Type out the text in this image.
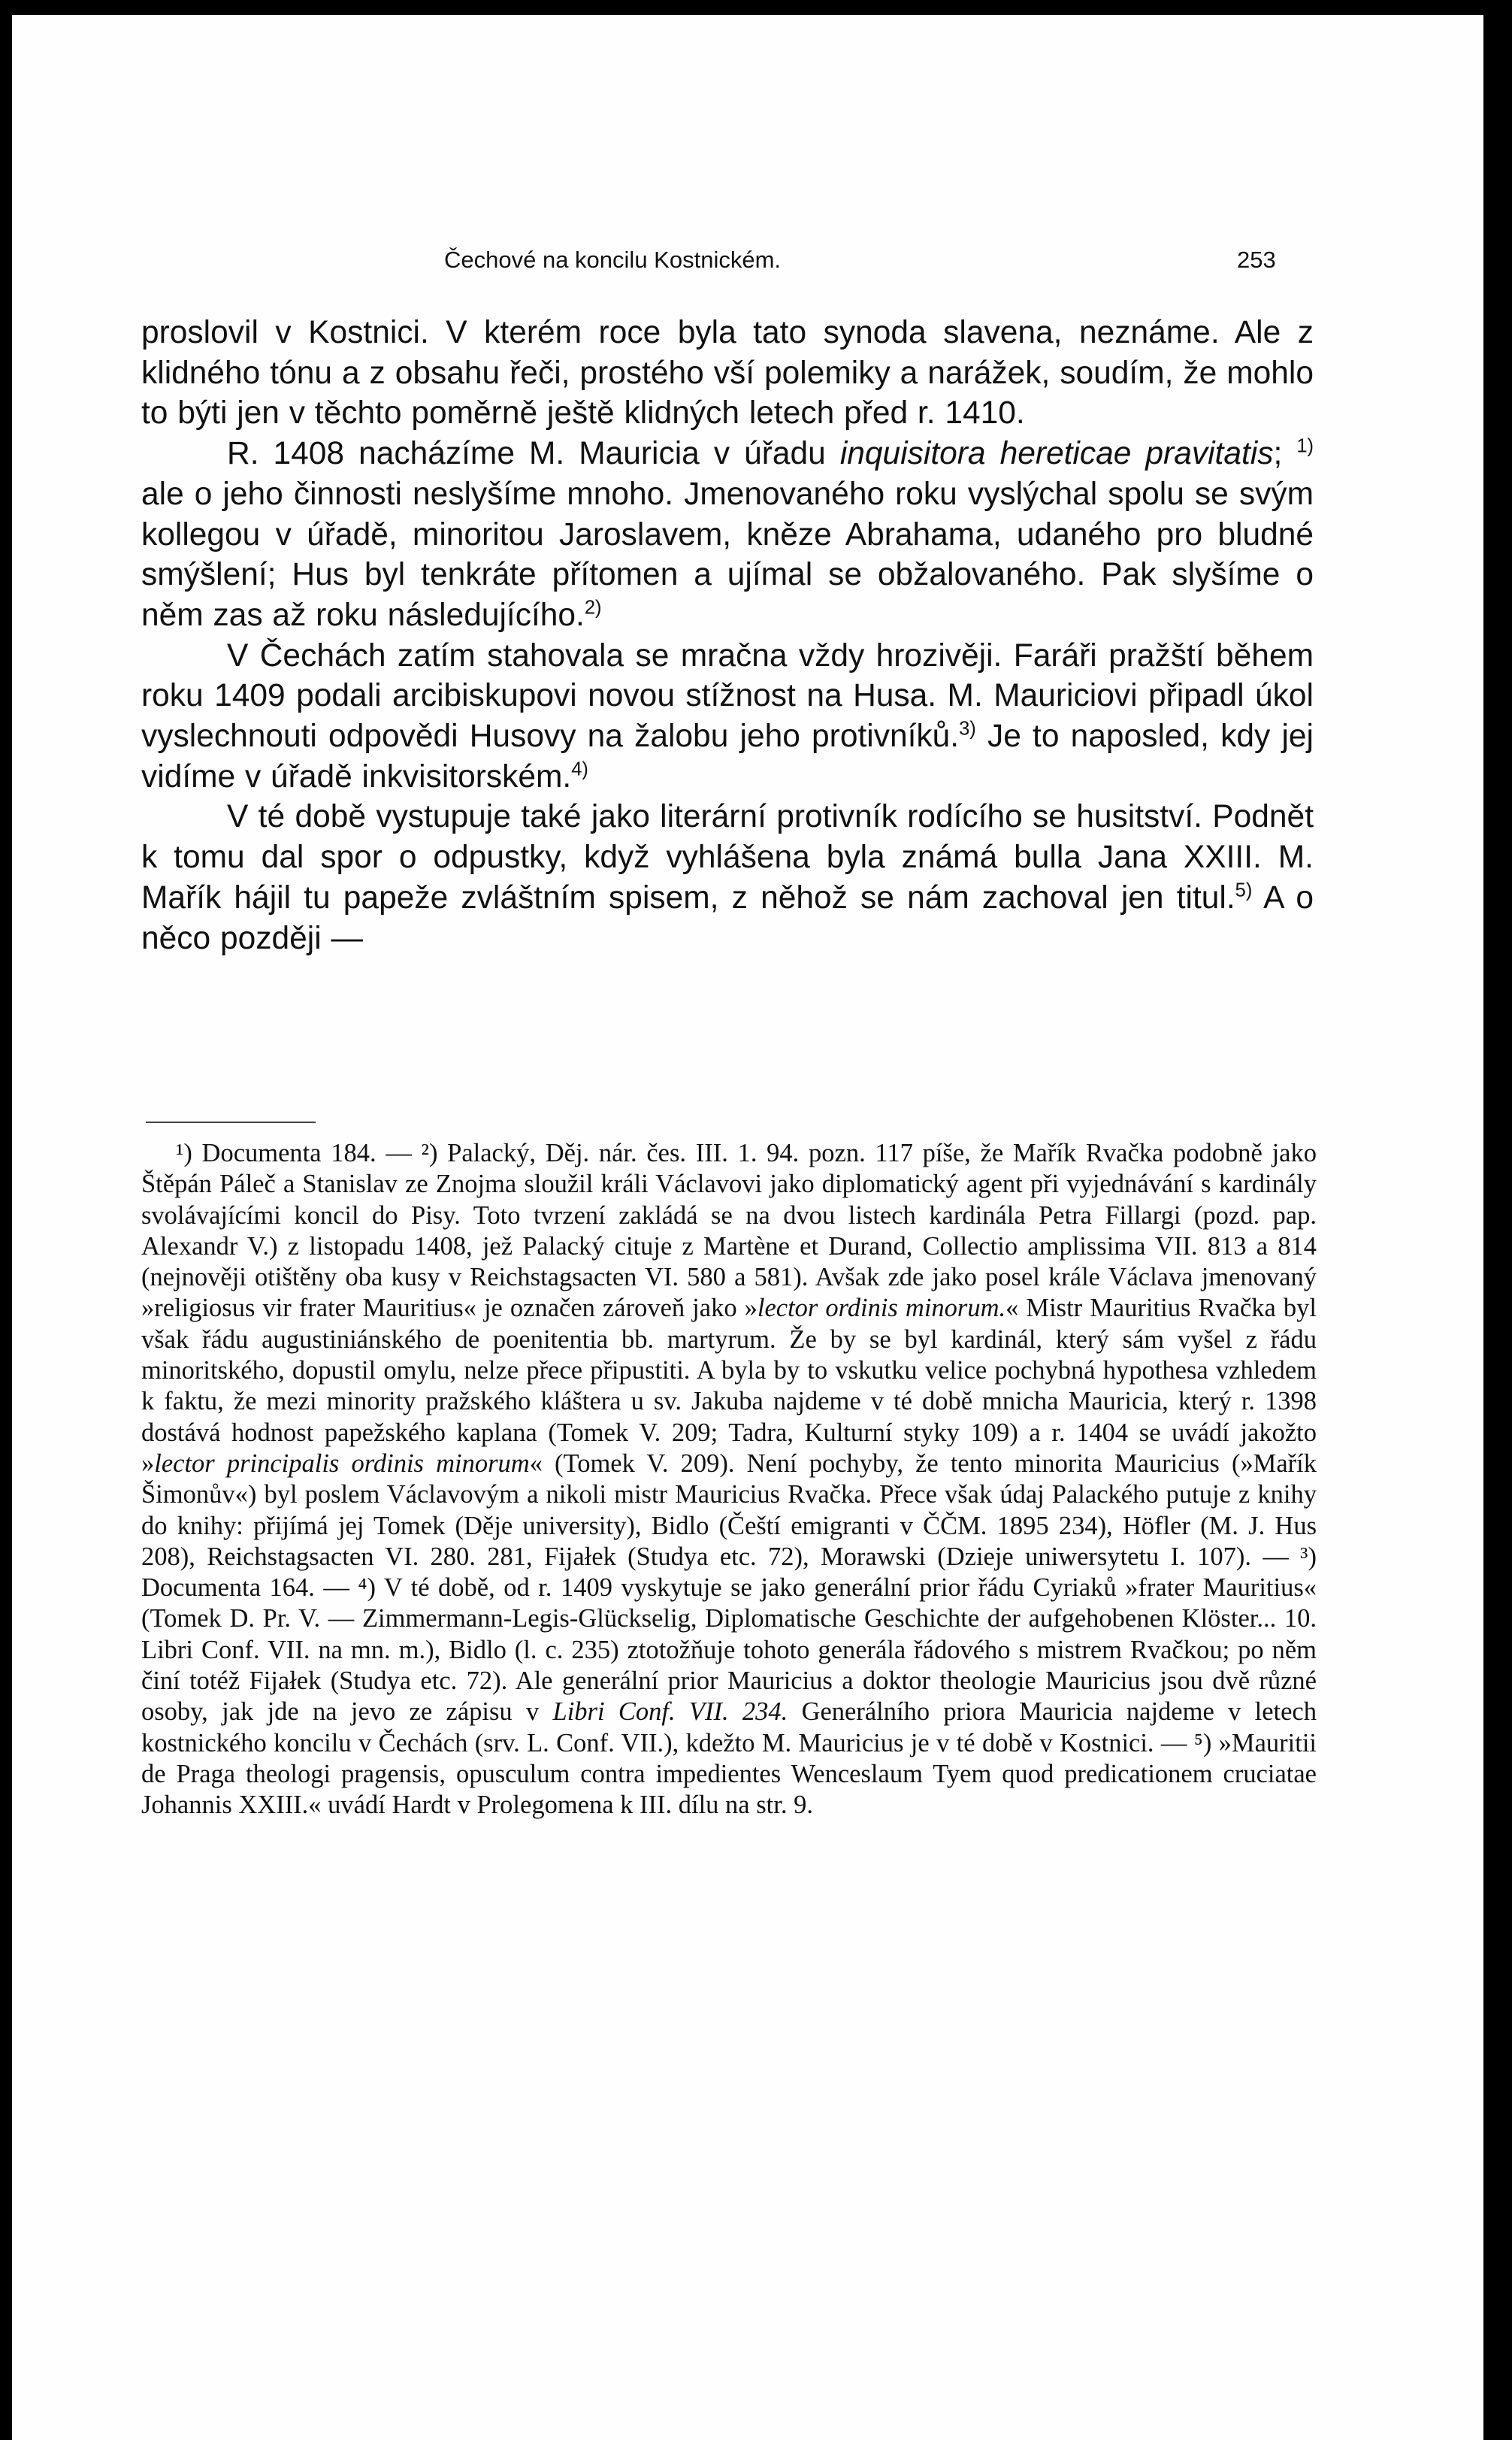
Čechové na koncilu Kostnickém.	253

proslovil v Kostnici. V kterém roce byla tato synoda slavena, neznáme. Ale z klidného tónu a z obsahu řeči, prostého vší polemiky a narážek, soudím, že mohlo to býti jen v těchto poměrně ještě klidných letech před r. 1410.

R. 1408 nacházíme M. Mauricia v úřadu inquisitora hereticae pravitatis; $^{1)}$ ale o jeho činnosti neslyšíme mnoho. Jmenovaného roku vyslýchal spolu se svým kollegou v úřadě, minoritou Jaroslavem, kněze Abrahama, udaného pro bludné smýšlení; Hus byl tenkráte přítomen a ujímal se obžalovaného. Pak slyšíme o něm zas až roku následujícího.$^{2)}$

V Čechách zatím stahovala se mračna vždy hrozivěji. Faráři pražští během roku 1409 podali arcibiskupovi novou stížnost na Husa. M. Mauriciovi připadl úkol vyslechnouti odpovědi Husovy na žalobu jeho protivníků.$^{3)}$ Je to naposled, kdy jej vidíme v úřadě inkvisitorském.$^{4)}$

V té době vystupuje také jako literární protivník rodícího se husitství. Podnět k tomu dal spor o odpustky, když vyhlášena byla známá bulla Jana XXIII. M. Mařík hájil tu papeže zvláštním spisem, z něhož se nám zachoval jen titul.$^{5)}$ A o něco později —

¹) Documenta 184. — ²) Palacký, Děj. nár. čes. III. 1. 94. pozn. 117 píše, že Mařík Rvačka podobně jako Štěpán Páleč a Stanislav ze Znojma sloužil králi Václavovi jako diplomatický agent při vyjednávání s kardinály svolávajícími koncil do Pisy. Toto tvrzení zakládá se na dvou listech kardinála Petra Fillargi (pozd. pap. Alexandr V.) z listopadu 1408, jež Palacký cituje z Martène et Durand, Collectio amplissima VII. 813 a 814 (nejnověji otištěny oba kusy v Reichstagsacten VI. 580 a 581). Avšak zde jako posel krále Václava jmenovaný »religiosus vir frater Mauritius« je označen zároveň jako »lector ordinis minorum.« Mistr Mauritius Rvačka byl však řádu augustiniánského de poenitentia bb. martyrum. Že by se byl kardinál, který sám vyšel z řádu minoritského, dopustil omylu, nelze přece připustiti. A byla by to vskutku velice pochybná hypothesa vzhledem k faktu, že mezi minority pražského kláštera u sv. Jakuba najdeme v té době mnicha Mauricia, který r. 1398 dostává hodnost papežského kaplana (Tomek V. 209; Tadra, Kulturní styky 109) a r. 1404 se uvádí jakožto »lector principalis ordinis minorum« (Tomek V. 209). Není pochyby, že tento minorita Mauricius (»Mařík Šimonův«) byl poslem Václavovým a nikoli mistr Mauricius Rvačka. Přece však údaj Palackého putuje z knihy do knihy: přijímá jej Tomek (Děje university), Bidlo (Čeští emigranti v ČČM. 1895 234), Höfler (M. J. Hus 208), Reichstagsacten VI. 280. 281, Fijałek (Studya etc. 72), Morawski (Dzieje uniwersytetu I. 107). — ³) Documenta 164. — ⁴) V té době, od r. 1409 vyskytuje se jako generální prior řádu Cyriaků »frater Mauritius« (Tomek D. Pr. V. — Zimmermann-Legis-Glückselig, Diplomatische Geschichte der aufgehobenen Klöster... 10. Libri Conf. VII. na mn. m.), Bidlo (l. c. 235) ztotožňuje tohoto generála řádového s mistrem Rvačkou; po něm činí totéž Fijałek (Studya etc. 72). Ale generální prior Mauricius a doktor theologie Mauricius jsou dvě různé osoby, jak jde na jevo ze zápisu v Libri Conf. VII. 234. Generálního priora Mauricia najdeme v letech kostnického koncilu v Čechách (srv. L. Conf. VII.), kdežto M. Mauricius je v té době v Kostnici. — ⁵) »Mauritii de Praga theologi pragensis, opusculum contra impedientes Wenceslaum Tyem quod predicationem cruciatae Johannis XXIII.« uvádí Hardt v Prolegomena k III. dílu na str. 9.
